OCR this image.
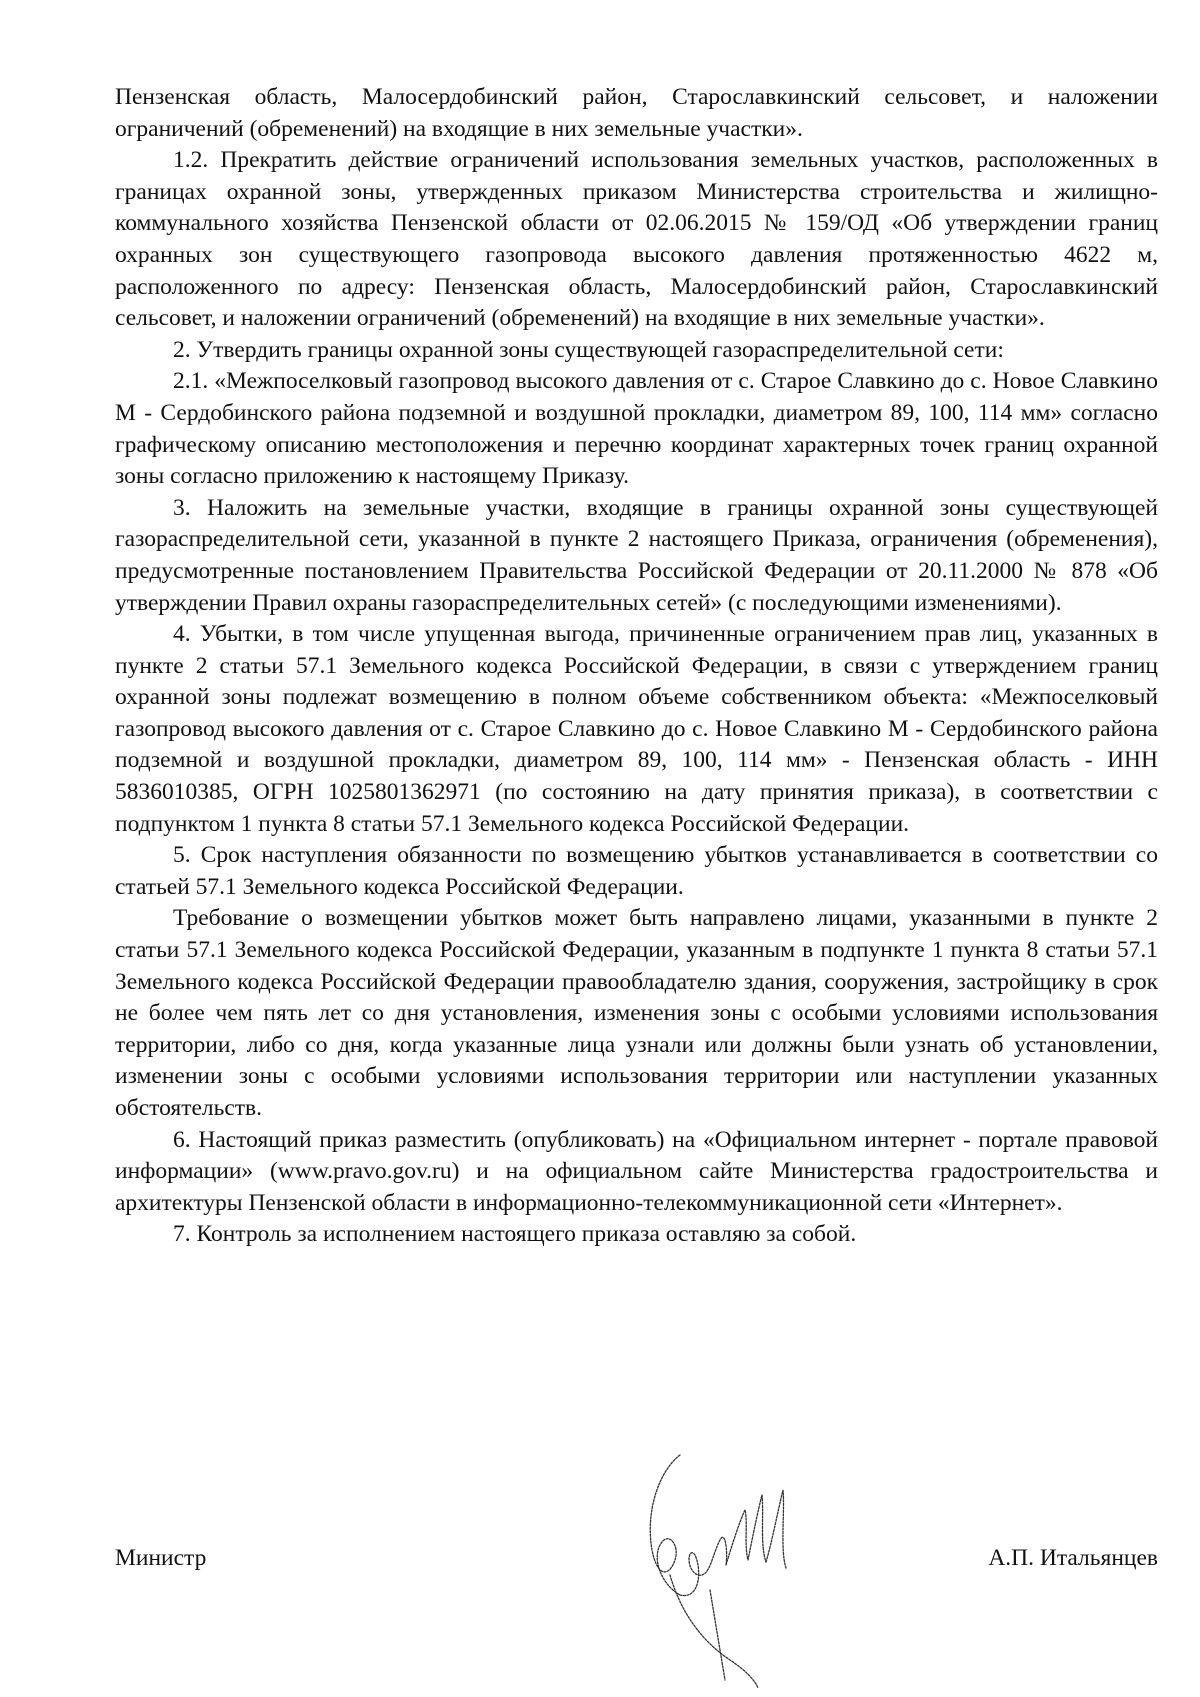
Пензенская область, Малосердобинский район, Старославкинский сельсовет, и наложении ограничений (обременений) на входящие в них земельные участки».

1.2. Прекратить действие ограничений использования земельных участков, расположенных в границах охранной зоны, утвержденных приказом Министерства строительства и жилищно-коммунального хозяйства Пензенской области от 02.06.2015 № 159/ОД «Об утверждении границ охранных зон существующего газопровода высокого давления протяженностью 4622 м, расположенного по адресу: Пензенская область, Малосердобинский район, Старославкинский сельсовет, и наложении ограничений (обременений) на входящие в них земельные участки».

2. Утвердить границы охранной зоны существующей газораспределительной сети:

2.1. «Межпоселковый газопровод высокого давления от с. Старое Славкино до с. Новое Славкино М - Сердобинского района подземной и воздушной прокладки, диаметром 89, 100, 114 мм» согласно графическому описанию местоположения и перечню координат характерных точек границ охранной зоны согласно приложению к настоящему Приказу.

3. Наложить на земельные участки, входящие в границы охранной зоны существующей газораспределительной сети, указанной в пункте 2 настоящего Приказа, ограничения (обременения), предусмотренные постановлением Правительства Российской Федерации от 20.11.2000 № 878 «Об утверждении Правил охраны газораспределительных сетей» (с последующими изменениями).

4. Убытки, в том числе упущенная выгода, причиненные ограничением прав лиц, указанных в пункте 2 статьи 57.1 Земельного кодекса Российской Федерации, в связи с утверждением границ охранной зоны подлежат возмещению в полном объеме собственником объекта: «Межпоселковый газопровод высокого давления от с. Старое Славкино до с. Новое Славкино М - Сердобинского района подземной и воздушной прокладки, диаметром 89, 100, 114 мм» - Пензенская область - ИНН 5836010385, ОГРН 1025801362971 (по состоянию на дату принятия приказа), в соответствии с подпунктом 1 пункта 8 статьи 57.1 Земельного кодекса Российской Федерации.

5. Срок наступления обязанности по возмещению убытков устанавливается в соответствии со статьей 57.1 Земельного кодекса Российской Федерации.

Требование о возмещении убытков может быть направлено лицами, указанными в пункте 2 статьи 57.1 Земельного кодекса Российской Федерации, указанным в подпункте 1 пункта 8 статьи 57.1 Земельного кодекса Российской Федерации правообладателю здания, сооружения, застройщику в срок не более чем пять лет со дня установления, изменения зоны с особыми условиями использования территории, либо со дня, когда указанные лица узнали или должны были узнать об установлении, изменении зоны с особыми условиями использования территории или наступлении указанных обстоятельств.

6. Настоящий приказ разместить (опубликовать) на «Официальном интернет - портале правовой информации» (www.pravo.gov.ru) и на официальном сайте Министерства градостроительства и архитектуры Пензенской области в информационно-телекоммуникационной сети «Интернет».

7. Контроль за исполнением настоящего приказа оставляю за собой.

Министр	А.П. Итальянцев
